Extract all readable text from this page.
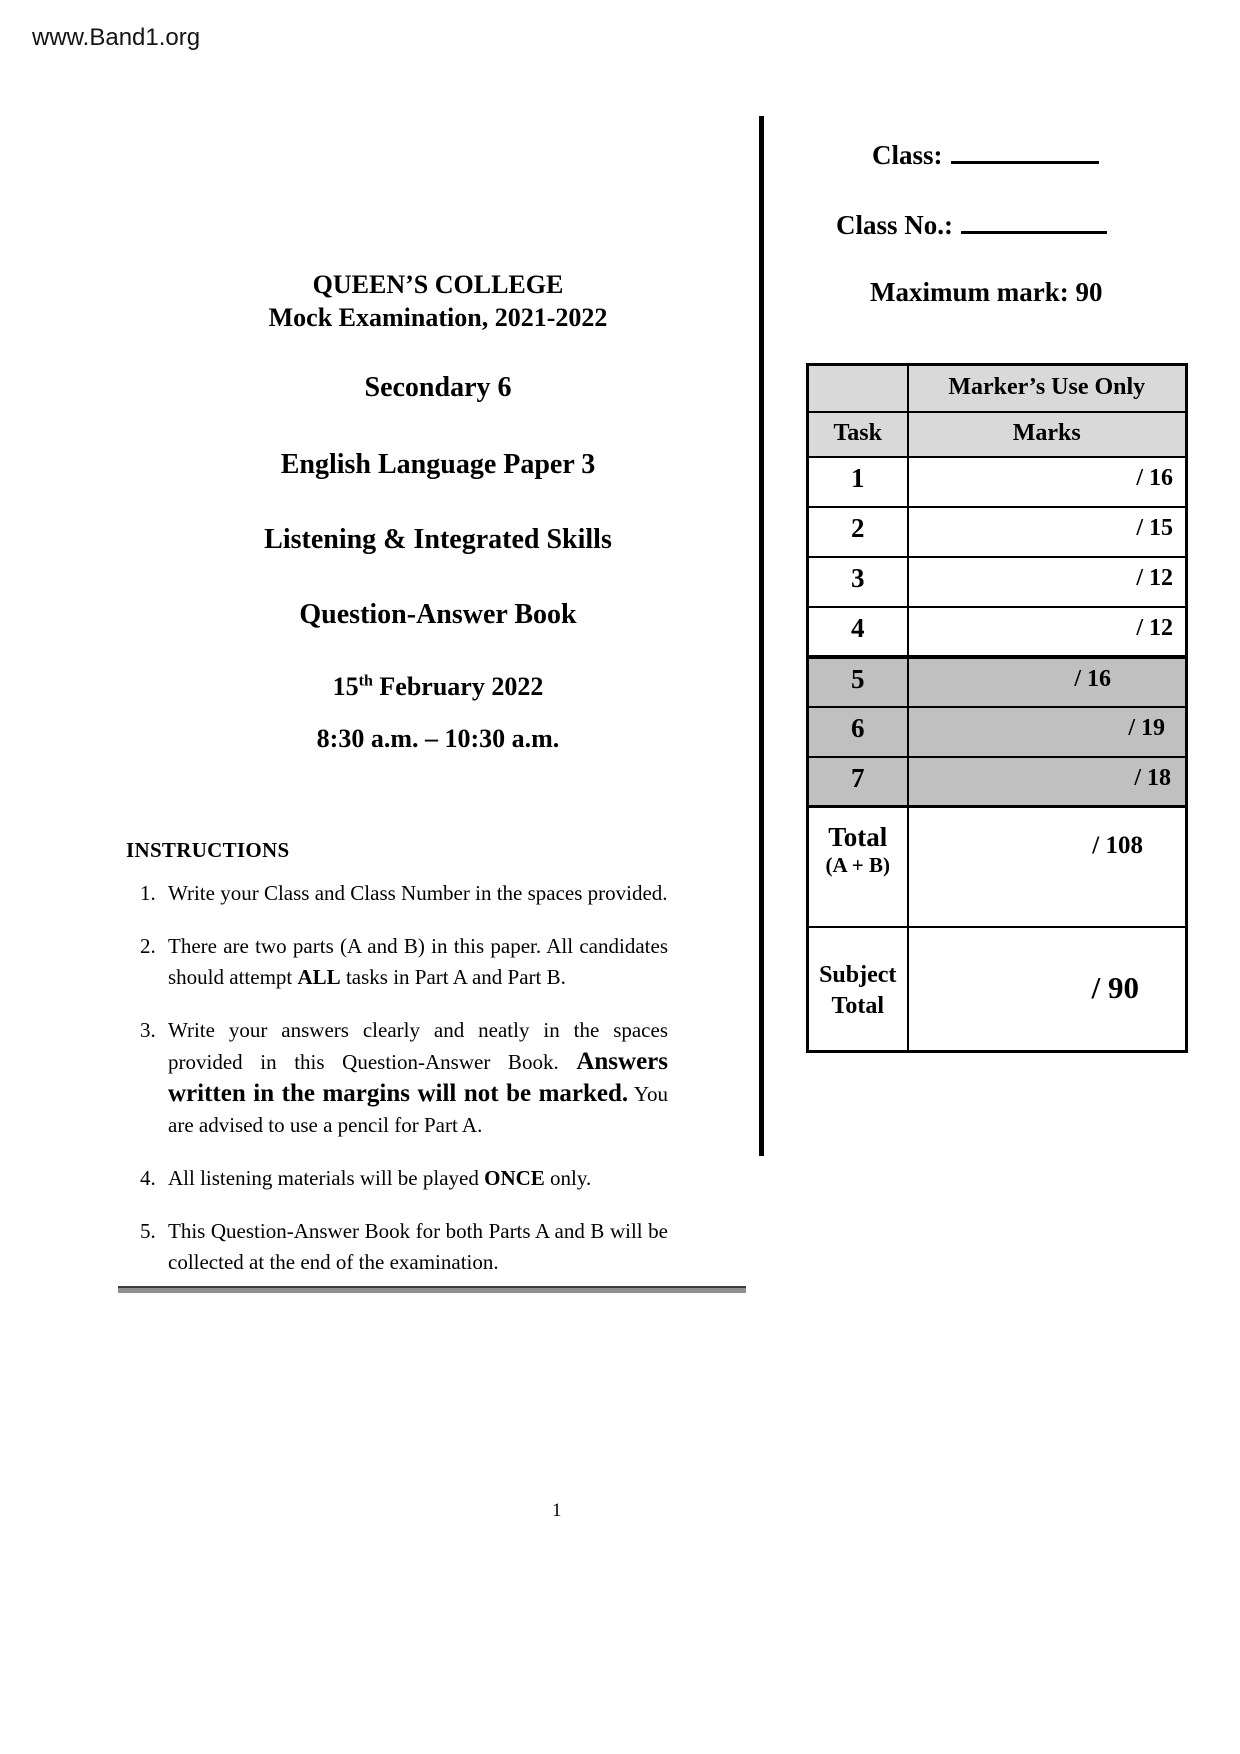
www.Band1.org
QUEEN’S COLLEGE
Mock Examination, 2021-2022
Secondary 6
English Language Paper 3
Listening & Integrated Skills
Question-Answer Book
15th February 2022
8:30 a.m. – 10:30 a.m.
Class:
Class No.:
Maximum mark: 90
	Marker’s Use Only
Task	Marks
1	/ 16
2	/ 15
3	/ 12
4	/ 12
5	/ 16
6	/ 19
7	/ 18

Total
(A + B)	/ 108

Subject
Total	/ 90
INSTRUCTIONS
1. Write your Class and Class Number in the spaces provided.
2. There are two parts (A and B) in this paper. All candidates should attempt ALL tasks in Part A and Part B.
3. Write your answers clearly and neatly in the spaces provided in this Question-Answer Book. Answers written in the margins will not be marked. You are advised to use a pencil for Part A.
4. All listening materials will be played ONCE only.
5. This Question-Answer Book for both Parts A and B will be collected at the end of the examination.
1
